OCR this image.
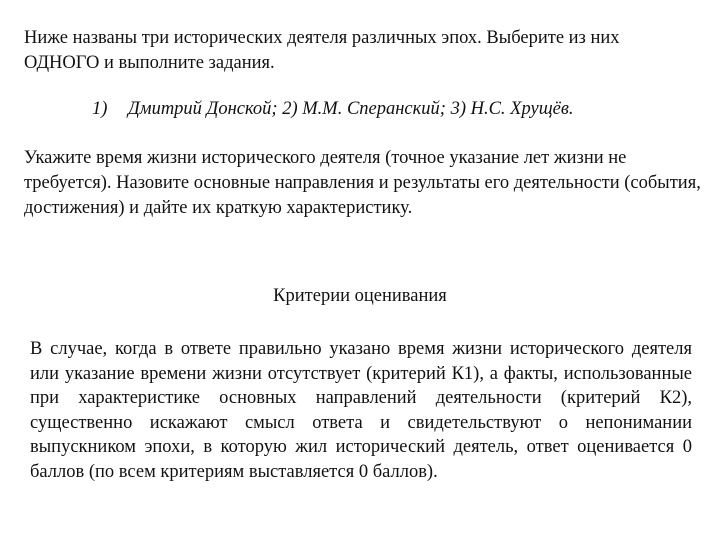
Ниже названы три исторических деятеля различных эпох. Выберите из них ОДНОГО и выполните задания.

1) Дмитрий Донской; 2) М.М. Сперанский; 3) Н.С. Хрущёв.

Укажите время жизни исторического деятеля (точное указание лет жизни не требуется). Назовите основные направления и результаты его деятельности (события, достижения) и дайте их краткую характеристику.

Критерии оценивания

В случае, когда в ответе правильно указано время жизни исторического деятеля или указание времени жизни отсутствует (критерий К1), а факты, использованные при характеристике основных направлений деятельности (критерий К2), существенно искажают смысл ответа и свидетельствуют о непонимании выпускником эпохи, в которую жил исторический деятель, ответ оценивается 0 баллов (по всем критериям выставляется 0 баллов).
